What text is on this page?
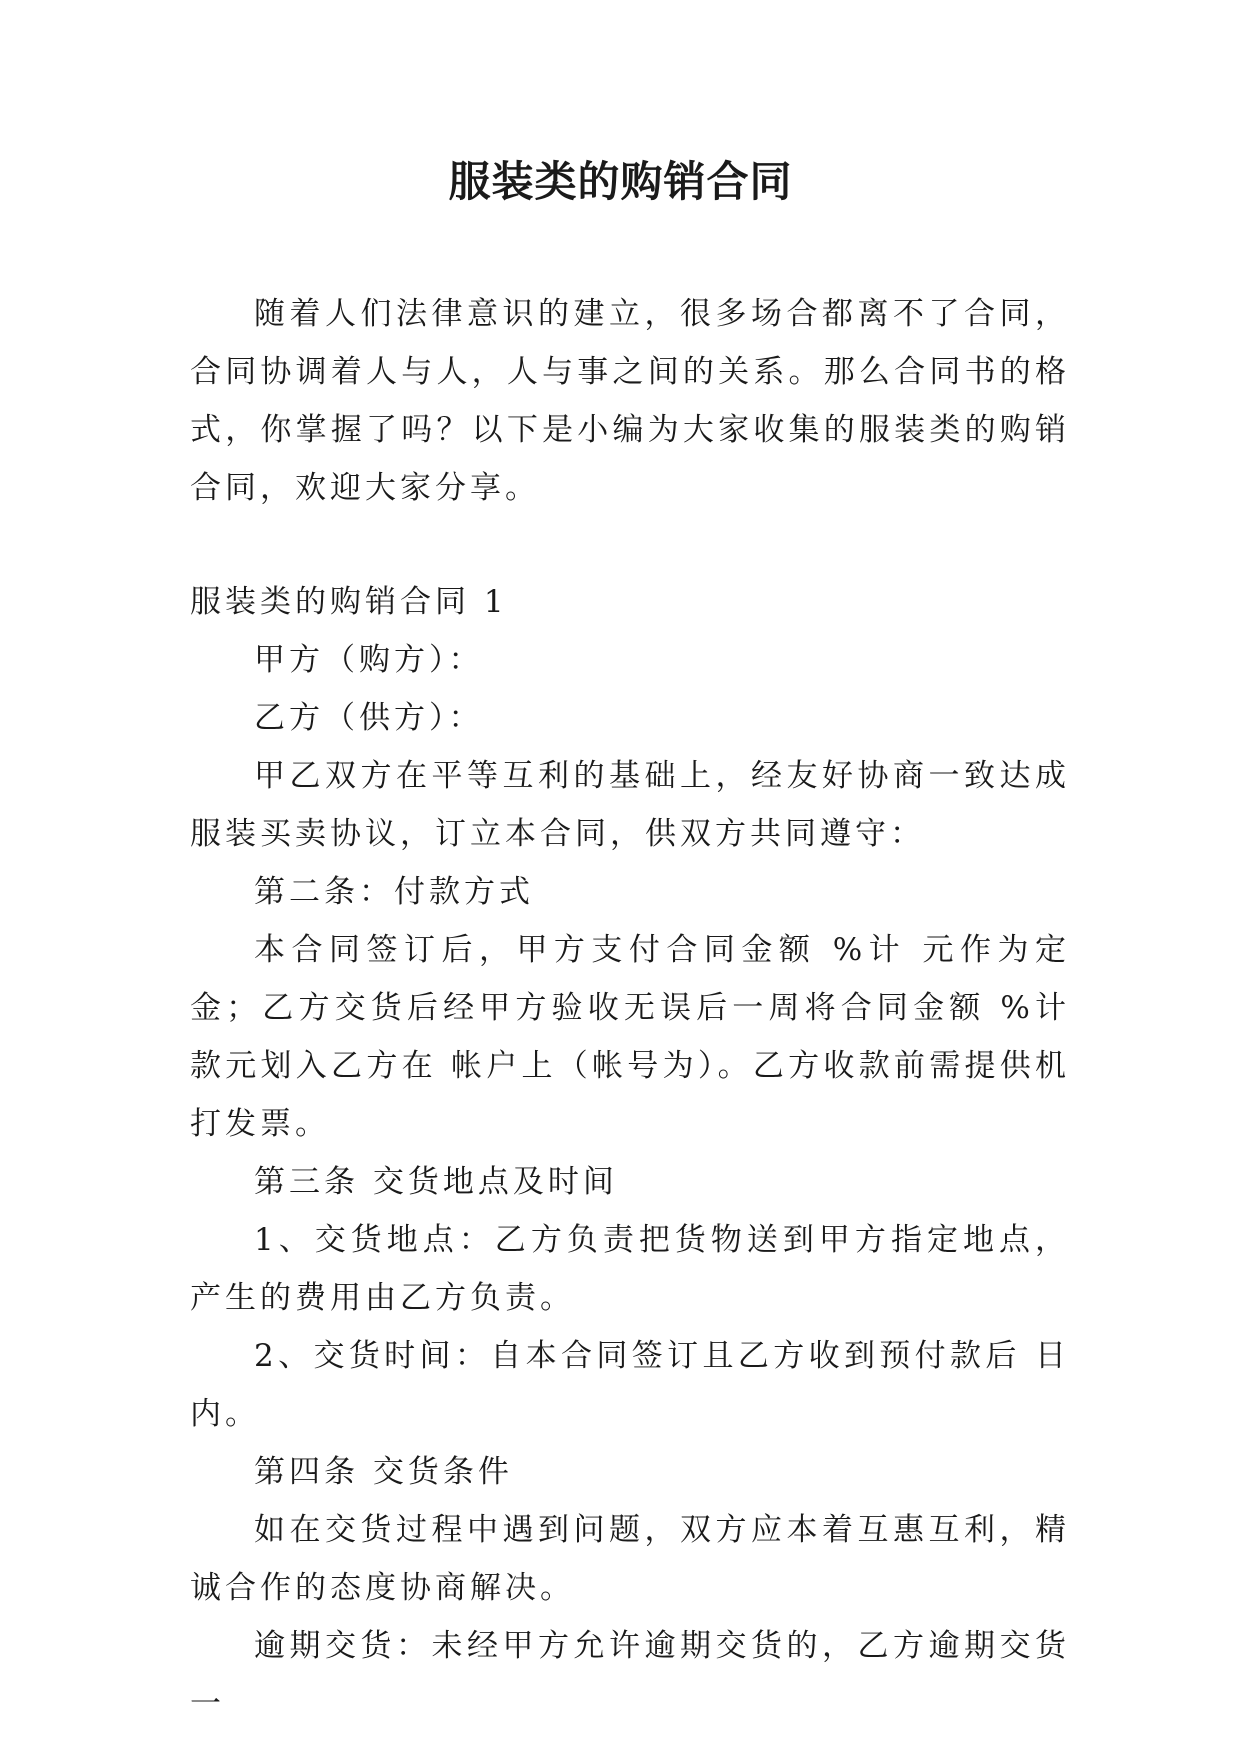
服装类的购销合同

随着人们法律意识的建立，很多场合都离不了合同，合同协调着人与人，人与事之间的关系。那么合同书的格式，你掌握了吗？以下是小编为大家收集的服装类的购销合同，欢迎大家分享。

服装类的购销合同 1

甲方（购方）：

乙方（供方）：

甲乙双方在平等互利的基础上，经友好协商一致达成服装买卖协议，订立本合同，供双方共同遵守：

第二条：付款方式

本合同签订后，甲方支付合同金额 %计 元作为定金；乙方交货后经甲方验收无误后一周将合同金额 %计款元划入乙方在 帐户上（帐号为）。乙方收款前需提供机打发票。

第三条 交货地点及时间

1、交货地点：乙方负责把货物送到甲方指定地点，产生的费用由乙方负责。

2、交货时间：自本合同签订且乙方收到预付款后 日内。

第四条 交货条件

如在交货过程中遇到问题，双方应本着互惠互利，精诚合作的态度协商解决。

逾期交货：未经甲方允许逾期交货的，乙方逾期交货一
